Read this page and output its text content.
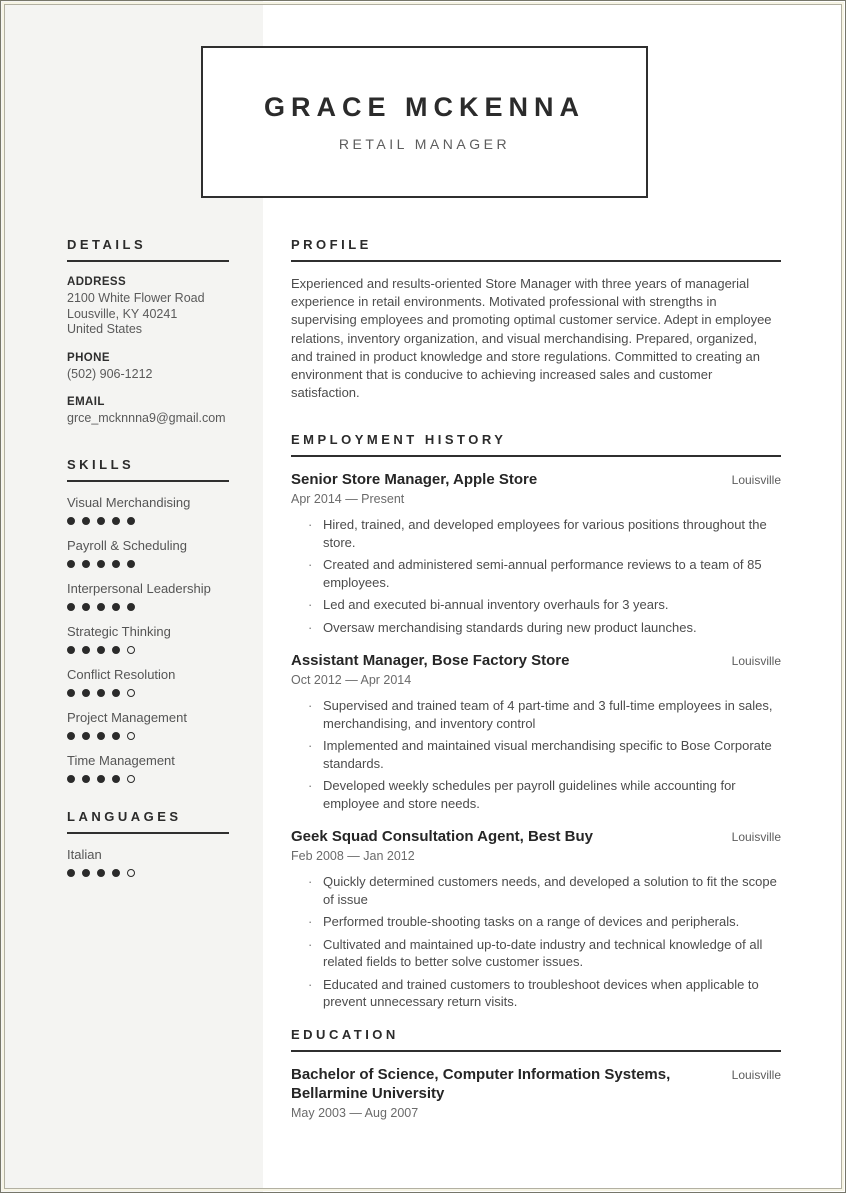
DETAILS
ADDRESS
2100 White Flower Road
Lousville, KY 40241
United States
PHONE
(502) 906-1212
EMAIL
grce_mcknnna9@gmail.com
SKILLS
Visual Merchandising
Payroll & Scheduling
Interpersonal Leadership
Strategic Thinking
Conflict Resolution
Project Management
Time Management
LANGUAGES
Italian
GRACE MCKENNA
RETAIL MANAGER
PROFILE
Experienced and results-oriented Store Manager with three years of managerial experience in retail environments. Motivated professional with strengths in supervising employees and promoting optimal customer service. Adept in employee relations, inventory organization, and visual merchandising. Prepared, organized, and trained in product knowledge and store regulations. Committed to creating an environment that is conducive to achieving increased sales and customer satisfaction.
EMPLOYMENT HISTORY
Senior Store Manager, Apple Store	Louisville
Apr 2014 — Present
· Hired, trained, and developed employees for various positions throughout the store.
· Created and administered semi-annual performance reviews to a team of 85 employees.
· Led and executed bi-annual inventory overhauls for 3 years.
· Oversaw merchandising standards during new product launches.
Assistant Manager, Bose Factory Store	Louisville
Oct 2012 — Apr 2014
· Supervised and trained team of 4 part-time and 3 full-time employees in sales, merchandising, and inventory control
· Implemented and maintained visual merchandising specific to Bose Corporate standards.
· Developed weekly schedules per payroll guidelines while accounting for employee and store needs.
Geek Squad Consultation Agent, Best Buy	Louisville
Feb 2008 — Jan 2012
· Quickly determined customers needs, and developed a solution to fit the scope of issue
· Performed trouble-shooting tasks on a range of devices and peripherals.
· Cultivated and maintained up-to-date industry and technical knowledge of all related fields to better solve customer issues.
· Educated and trained customers to troubleshoot devices when applicable to prevent unnecessary return visits.
EDUCATION
Bachelor of Science, Computer Information Systems, Bellarmine University
Louisville
May 2003 — Aug 2007
